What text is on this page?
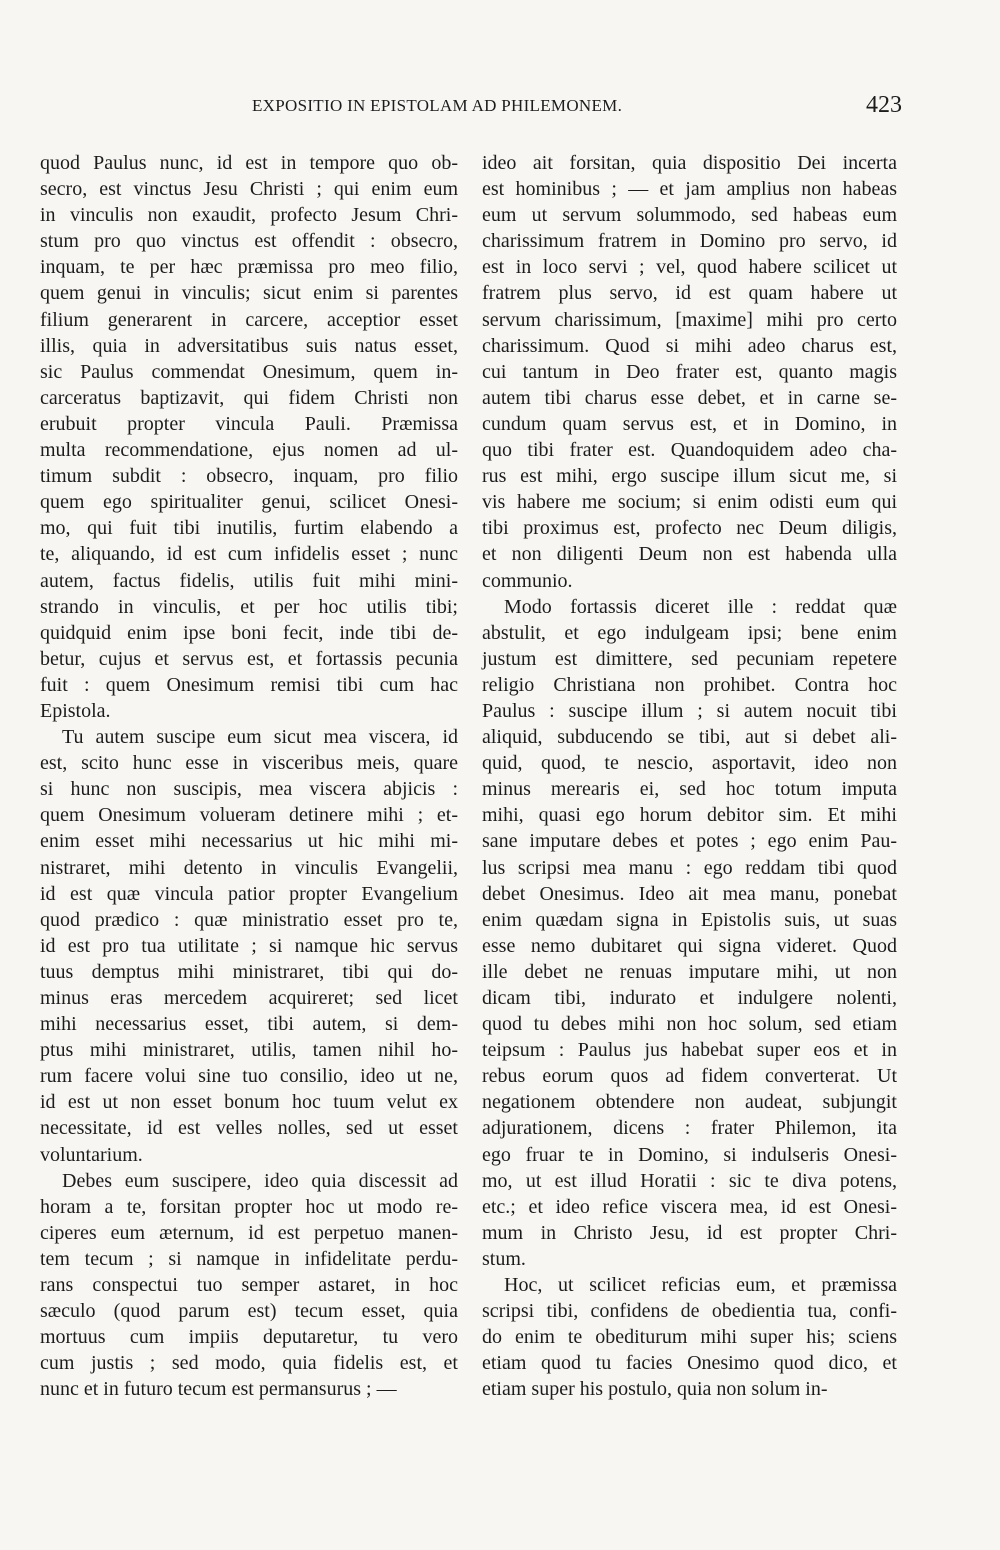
EXPOSITIO IN EPISTOLAM AD PHILEMONEM.	423
quod Paulus nunc, id est in tempore quo ob-
secro, est vinctus Jesu Christi ; qui enim eum
in vinculis non exaudit, profecto Jesum Chri-
stum pro quo vinctus est offendit : obsecro,
inquam, te per hæc præmissa pro meo filio,
quem genui in vinculis; sicut enim si parentes
filium generarent in carcere, acceptior esset
illis, quia in adversitatibus suis natus esset,
sic Paulus commendat Onesimum, quem in-
carceratus baptizavit, qui fidem Christi non
erubuit propter vincula Pauli. Præmissa
multa recommendatione, ejus nomen ad ul-
timum subdit : obsecro, inquam, pro filio
quem ego spiritualiter genui, scilicet Onesi-
mo, qui fuit tibi inutilis, furtim elabendo a
te, aliquando, id est cum infidelis esset ; nunc
autem, factus fidelis, utilis fuit mihi mini-
strando in vinculis, et per hoc utilis tibi;
quidquid enim ipse boni fecit, inde tibi de-
betur, cujus et servus est, et fortassis pecunia
fuit : quem Onesimum remisi tibi cum hac
Epistola.
Tu autem suscipe eum sicut mea viscera, id
est, scito hunc esse in visceribus meis, quare
si hunc non suscipis, mea viscera abjicis :
quem Onesimum volueram detinere mihi ; et-
enim esset mihi necessarius ut hic mihi mi-
nistraret, mihi detento in vinculis Evangelii,
id est quæ vincula patior propter Evangelium
quod prædico : quæ ministratio esset pro te,
id est pro tua utilitate ; si namque hic servus
tuus demptus mihi ministraret, tibi qui do-
minus eras mercedem acquireret; sed licet
mihi necessarius esset, tibi autem, si dem-
ptus mihi ministraret, utilis, tamen nihil ho-
rum facere volui sine tuo consilio, ideo ut ne,
id est ut non esset bonum hoc tuum velut ex
necessitate, id est velles nolles, sed ut esset
voluntarium.
Debes eum suscipere, ideo quia discessit ad
horam a te, forsitan propter hoc ut modo re-
ciperes eum æternum, id est perpetuo manen-
tem tecum ; si namque in infidelitate perdu-
rans conspectui tuo semper astaret, in hoc
sæculo (quod parum est) tecum esset, quia
mortuus cum impiis deputaretur, tu vero
cum justis ; sed modo, quia fidelis est, et
nunc et in futuro tecum est permansurus ; —
ideo ait forsitan, quia dispositio Dei incerta
est hominibus ; — et jam amplius non habeas
eum ut servum solummodo, sed habeas eum
charissimum fratrem in Domino pro servo, id
est in loco servi ; vel, quod habere scilicet ut
fratrem plus servo, id est quam habere ut
servum charissimum, [maxime] mihi pro certo
charissimum. Quod si mihi adeo charus est,
cui tantum in Deo frater est, quanto magis
autem tibi charus esse debet, et in carne se-
cundum quam servus est, et in Domino, in
quo tibi frater est. Quandoquidem adeo cha-
rus est mihi, ergo suscipe illum sicut me, si
vis habere me socium; si enim odisti eum qui
tibi proximus est, profecto nec Deum diligis,
et non diligenti Deum non est habenda ulla
communio.
Modo fortassis diceret ille : reddat quæ
abstulit, et ego indulgeam ipsi; bene enim
justum est dimittere, sed pecuniam repetere
religio Christiana non prohibet. Contra hoc
Paulus : suscipe illum ; si autem nocuit tibi
aliquid, subducendo se tibi, aut si debet ali-
quid, quod, te nescio, asportavit, ideo non
minus merearis ei, sed hoc totum imputa
mihi, quasi ego horum debitor sim. Et mihi
sane imputare debes et potes ; ego enim Pau-
lus scripsi mea manu : ego reddam tibi quod
debet Onesimus. Ideo ait mea manu, ponebat
enim quædam signa in Epistolis suis, ut suas
esse nemo dubitaret qui signa videret. Quod
ille debet ne renuas imputare mihi, ut non
dicam tibi, indurato et indulgere nolenti,
quod tu debes mihi non hoc solum, sed etiam
teipsum : Paulus jus habebat super eos et in
rebus eorum quos ad fidem converterat. Ut
negationem obtendere non audeat, subjungit
adjurationem, dicens : frater Philemon, ita
ego fruar te in Domino, si indulseris Onesi-
mo, ut est illud Horatii : sic te diva potens,
etc.; et ideo refice viscera mea, id est Onesi-
mum in Christo Jesu, id est propter Chri-
stum.
Hoc, ut scilicet reficias eum, et præmissa
scripsi tibi, confidens de obedientia tua, confi-
do enim te obediturum mihi super his; sciens
etiam quod tu facies Onesimo quod dico, et
etiam super his postulo, quia non solum in-
